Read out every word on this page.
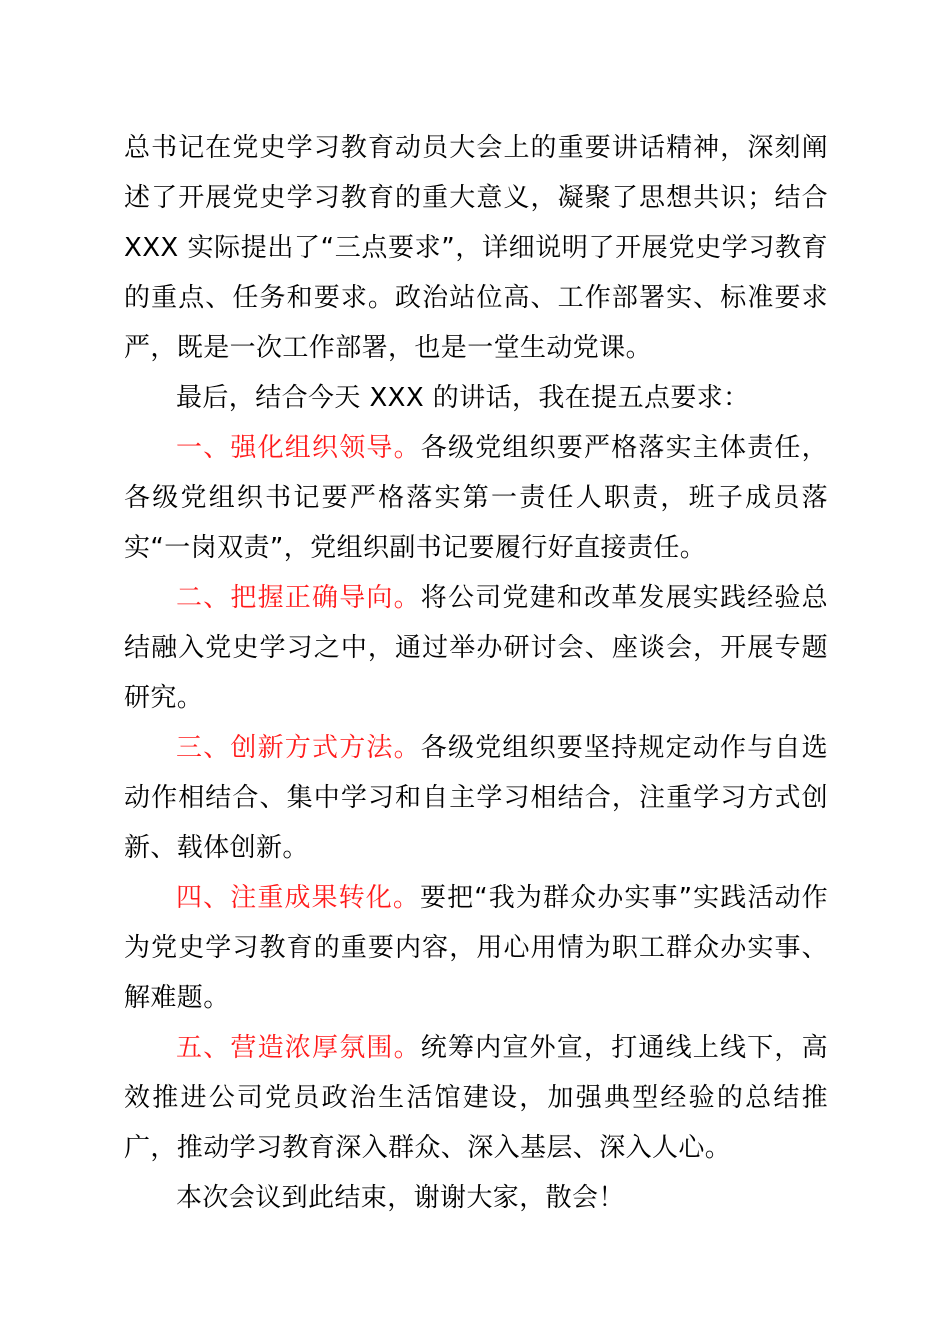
总书记在党史学习教育动员大会上的重要讲话精神，深刻阐述了开展党史学习教育的重大意义，凝聚了思想共识；结合 XXX 实际提出了“三点要求”，详细说明了开展党史学习教育的重点、任务和要求。政治站位高、工作部署实、标准要求严，既是一次工作部署，也是一堂生动党课。

最后，结合今天 XXX 的讲话，我在提五点要求：

一、强化组织领导。各级党组织要严格落实主体责任，各级党组织书记要严格落实第一责任人职责，班子成员落实“一岗双责”，党组织副书记要履行好直接责任。

二、把握正确导向。将公司党建和改革发展实践经验总结融入党史学习之中，通过举办研讨会、座谈会，开展专题研究。

三、创新方式方法。各级党组织要坚持规定动作与自选动作相结合、集中学习和自主学习相结合，注重学习方式创新、载体创新。

四、注重成果转化。要把“我为群众办实事”实践活动作为党史学习教育的重要内容，用心用情为职工群众办实事、解难题。

五、营造浓厚氛围。统筹内宣外宣，打通线上线下，高效推进公司党员政治生活馆建设，加强典型经验的总结推广，推动学习教育深入群众、深入基层、深入人心。

本次会议到此结束，谢谢大家，散会！
